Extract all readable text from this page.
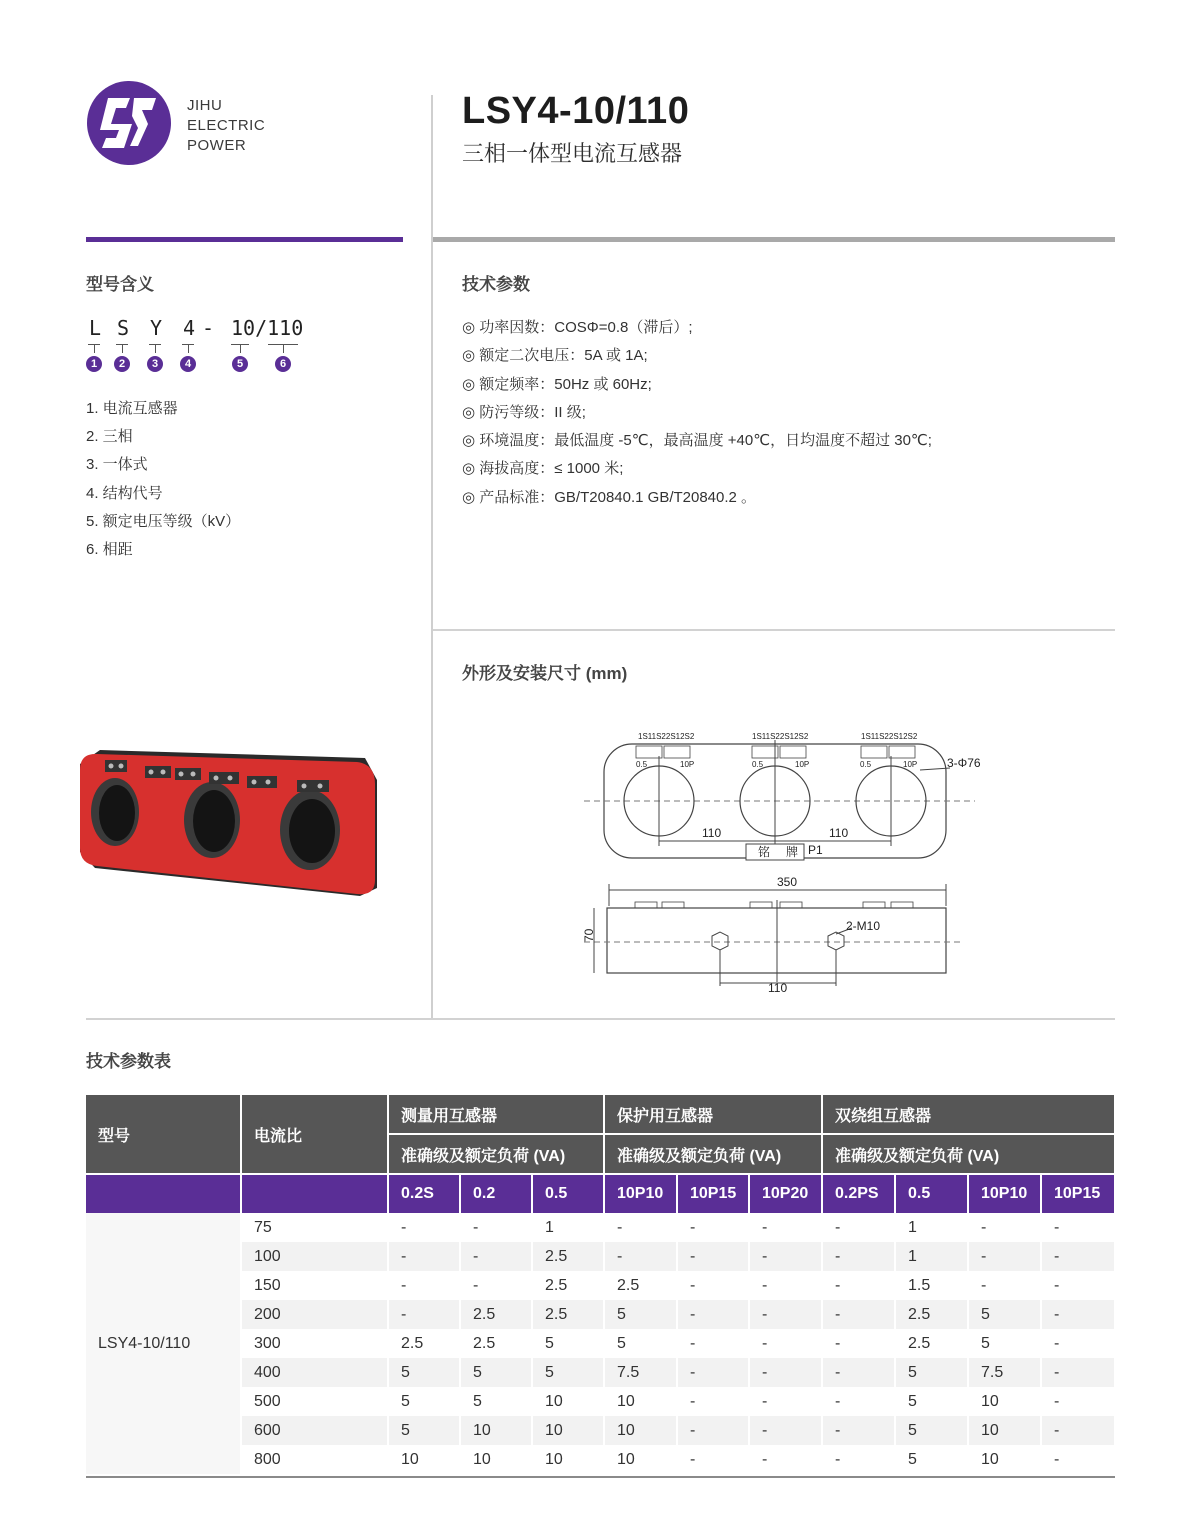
JIHU
ELECTRIC
POWER
LSY4-10/110
三相一体型电流互感器
型号含义
L S Y 4 - 10/110
1	2	3	4	5	6
1. 电流互感器
2. 三相
3. 一体式
4. 结构代号
5. 额定电压等级（kV）
6. 相距
技术参数
◎ 功率因数：COSΦ=0.8（滞后）;
◎ 额定二次电压：5A 或 1A;
◎ 额定频率：50Hz 或 60Hz;
◎ 防污等级：II 级;
◎ 环境温度：最低温度 -5℃，最高温度 +40℃，日均温度不超过 30℃;
◎ 海拔高度：≤ 1000 米;
◎ 产品标准：GB/T20840.1 GB/T20840.2 。
外形及安装尺寸 (mm)
1S11S22S12S2	1S11S22S12S2	1S11S22S12S2
0.5	10P	0.5	10P	0.5	10P 3-Φ76
110	110
铭 牌 P1
350
70
110
2-M10
技术参数表
型号	电流比	测量用互感器			保护用互感器			双绕组互感器			
		准确级及额定负荷 (VA)			准确级及额定负荷 (VA)			准确级及额定负荷 (VA)			
		0.2S	0.2	0.5	10P10	10P15	10P20	0.2PS	0.5	10P10	10P15
LSY4-10/110	75	-	-	1	-	-	-	-	1	-	-
	100	-	-	2.5	-	-	-	-	1	-	-
	150	-	-	2.5	2.5	-	-	-	1.5	-	-
	200	-	2.5	2.5	5	-	-	-	2.5	5	-
	300	2.5	2.5	5	5	-	-	-	2.5	5	-
	400	5	5	5	7.5	-	-	-	5	7.5	-
	500	5	5	10	10	-	-	-	5	10	-
	600	5	10	10	10	-	-	-	5	10	-
	800	10	10	10	10	-	-	-	5	10	-
